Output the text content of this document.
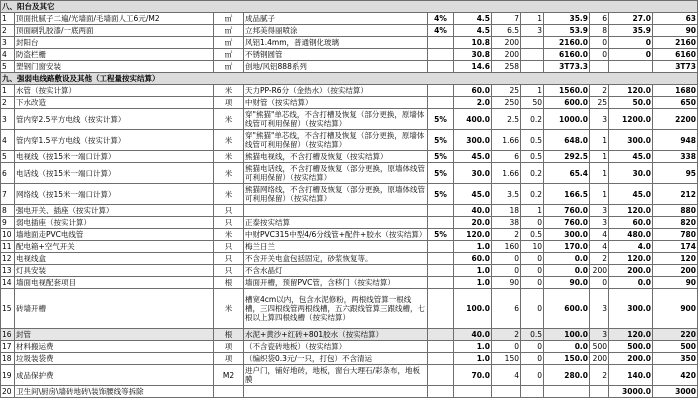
八、阳台及其它											
1	顶面批腻子二遍/光墙面/毛墙面人工6元/M2	㎡	成品腻子	4%	4.5	7	1	35.9	6	27.0	63
2	顶面刷乳胶漆/一底两面	㎡	立邦美得丽喷涂	4%	4.5	6.5	3	53.9	8	35.9	90
3	封阳台	㎡	风铝1.4mm，普通钢化玻璃		10.8	200		2160.0	0	0	2160
4	防盗栏栅	㎡	不锈钢圆管		30.8	200		6160.0	0	0	6160
5	塑钢门窗安装	㎡	创地/风铝888系列		14.6	258		3T73.3			3T73
九、强弱电线路敷设及其他（工程量按实结算）											
1	水管（按实计算）	米	天力PP-R6分（金热水）（按实结算）		60.0	25	1	1560.0	2	120.0	1680
2	下水改造	项	中财管（按实结算）		2.0	250	50	600.0	25	50.0	650
3	管内穿2.5平方电线（按实计算）	米	穿"熊猫"单芯线，不含打槽及恢复（部分更换，原墙体线管可利用保留）（按实结算）	5%	400.0	2.5	0.2	1000.0	3	1200.0	2200
4	管内穿1.5平方电线（按实计算）	米	穿"熊猫"单芯线，不含打槽及恢复（部分更换，原墙体线管可利用保留）（按实结算）	5%	300.0	1.66	0.5	648.0	1	300.0	948
5	电视线（按15米一端口计算）	米	熊猫电视线，不含打槽及恢复（按实结算）	5%	45.0	6	0.5	292.5	1	45.0	338
6	电话线（按15米一端口计算）	米	熊猫电话线，不含打槽及恢复（部分更换，原墙体线管可利用保留）（按实结算）	5%	30.0	1.66	0.2	65.4	1	30.0	95
7	网络线（按15米一端口计算）	米	熊猫网络线，不含打槽及恢复（部分更换，原墙体线管可利用保留）（按实结算）	5%	45.0	3.5	0.2	166.5	1	45.0	212
8	强电开关、插座（按实计算）	只			40.0	18	1	760.0	3	120.0	880
9	弱电插座（按实计算）	只	正泰按实结算		20.0	38	0	760.0	3	60.0	820
10	墙地面走PVC电线管	米	中财PVC315中型4/6分线管+配件+胶水（按实结算）	5%	120.0	2	0.5	300.0	4	480.0	780
11	配电箱+空气开关	只	梅兰日兰		1.0	160	10	170.0	4	4.0	174
12	电视线盒	只	不含开关电盒包括固定，砂浆恢复等。		60.0	0	0	0.0	2	120.0	120
13	灯具安装	只	不含水晶灯		1.0	0	0	0.0	200	200.0	200
14	墙面电视配套项目	根	墙面开槽，预留PVC管，含移门（按实结算）		1.0	90	0	90.0	0	0.0	90
15	砖墙开槽	米	槽宽4cm以内，包含水泥修粉，两根线管算一根线槽，三四根线管两根线槽，五六跟线管算三跟线槽，七根以上算四根线槽（按实结算）		100.0	6	0	600.0	3	300.0	900
16	封管	根	水泥+黄沙+红砖+801胶水（按实结算）		40.0	2	0.5	100.0	3	120.0	220
17	材料搬运费	项	（不含瓷砖地板）（按实结算）		1.0	0	0	0.0	500	500.0	500
18	垃圾装袋费	项	（编织袋0.3元/一只，打包）不含清运		1.0	150	0	150.0	200	200.0	350
19	成品保护费	M2	进户门，铺好地砖，地板，窗台大理石/彩条布，地板膜		70.0	4	0	280.0	2	140.0	420
20	卫生间\厨房\墙砖地砖\装饰腰线等拆除									3000.0	3000
